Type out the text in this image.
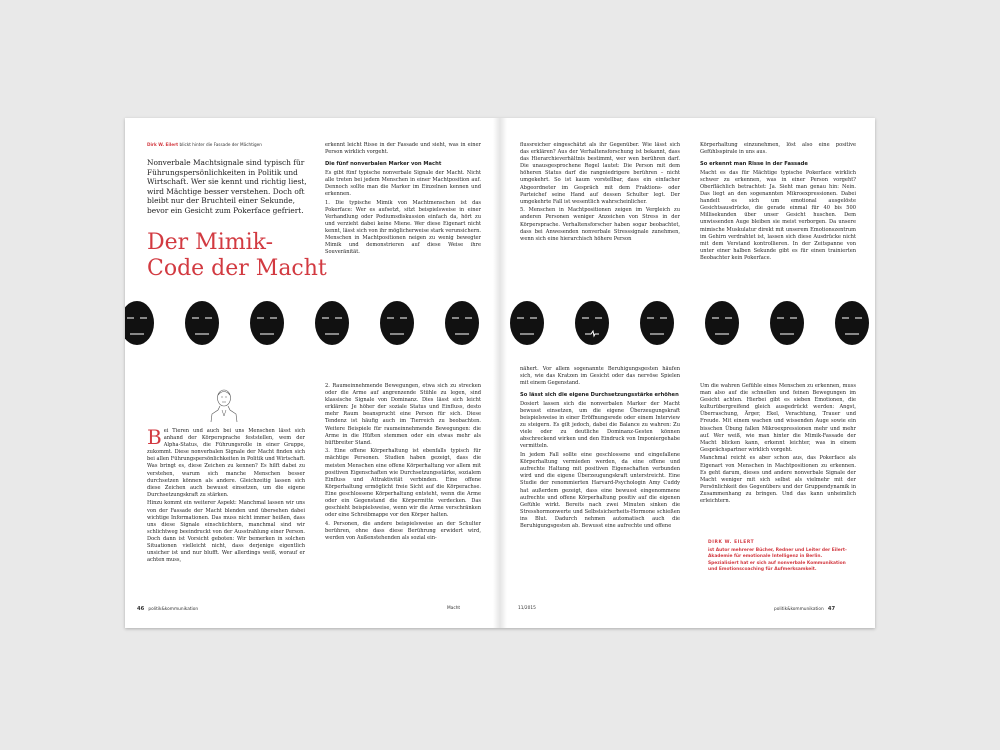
Dirk W. Eilert blickt hinter die Fassade der Mächtigen
Nonverbale Machtsignale sind typisch für Führungspersönlichkeiten in Politik und Wirtschaft. Wer sie kennt und richtig liest, wird Mächtige besser verstehen. Doch oft bleibt nur der Bruchteil einer Sekunde, bevor ein Gesicht zum Pokerface gefriert.
Der Mimik-Code der Macht

erkennt leicht Risse in der Fassade und sieht, was in einer Person wirklich vorgeht.

Die fünf nonverbalen Marker von Macht

Es gibt fünf typische nonverbale Signale der Macht. Nicht alle treten bei jedem Menschen in einer Machtposition auf. Dennoch sollte man die Marker im Einzelnen kennen und erkennen.

1. Die typische Mimik von Machtmenschen ist das Pokerface: Wer es aufsetzt, sitzt beispielsweise in einer Verhandlung oder Podiumsdiskussion einfach da, hört zu und verzieht dabei keine Miene. Wer diese Eigenart nicht kennt, lässt sich von ihr möglicherweise stark verunsichern. Menschen in Machtpositionen neigen zu wenig bewegter Mimik und demonstrieren auf diese Weise ihre Souveränität.

Bei Tieren und auch bei uns Menschen lässt sich anhand der Körpersprache feststellen, wem der Alpha-Status, die Führungsrolle in einer Gruppe, zukommt. Diese nonverbalen Signale der Macht finden sich bei allen Führungspersönlichkeiten in Politik und Wirtschaft. Was bringt es, diese Zeichen zu kennen? Es hilft dabei zu verstehen, warum sich manche Menschen besser durchsetzen können als andere. Gleichzeitig lassen sich diese Zeichen auch bewusst einsetzen, um die eigene Durchsetzungskraft zu stärken.

Hinzu kommt ein weiterer Aspekt: Manchmal lassen wir uns von der Fassade der Macht blenden und übersehen dabei wichtige Informationen. Das muss nicht immer heißen, dass uns diese Signale einschüchtern, manchmal sind wir schlichtweg beeindruckt von der Ausstrahlung einer Person. Doch dann ist Vorsicht geboten: Wir bemerken in solchen Situationen vielleicht nicht, dass derjenige eigentlich unsicher ist und nur blufft. Wer allerdings weiß, worauf er achten muss,

2. Raumeinnehmende Bewegungen, etwa sich zu strecken oder die Arme auf angrenzende Stühle zu legen, sind klassische Signale von Dominanz. Dies lässt sich leicht erklären: Je höher der soziale Status und Einfluss, desto mehr Raum beansprucht eine Person für sich. Diese Tendenz ist häufig auch im Tierreich zu beobachten. Weitere Beispiele für raumeinnehmende Bewegungen: die Arme in die Hüften stemmen oder ein etwas mehr als hüftbreiter Stand.

3. Eine offene Körperhaltung ist ebenfalls typisch für mächtige Personen. Studien haben gezeigt, dass die meisten Menschen eine offene Körperhaltung vor allem mit positiven Eigenschaften wie Durchsetzungsstärke, sozialem Einfluss und Attraktivität verbinden. Eine offene Körperhaltung ermöglicht freie Sicht auf die Körperachse. Eine geschlossene Körperhaltung entsteht, wenn die Arme oder ein Gegenstand die Körpermitte verdecken. Das geschieht beispielsweise, wenn wir die Arme verschränken oder eine Schreibmappe vor den Körper halten.

4. Personen, die andere beispielsweise an der Schulter berühren, ohne dass diese Berührung erwidert wird, werden von Außenstehenden als sozial ein-

46 politik&kommunikation	Macht

flussreicher eingeschätzt als ihr Gegenüber. Wie lässt sich das erklären? Aus der Verhaltensforschung ist bekannt, dass das Hierarchieverhältnis bestimmt, wer wen berühren darf. Die unausgesprochene Regel lautet: Die Person mit dem höheren Status darf die rangniedrigere berühren – nicht umgekehrt. So ist kaum vorstellbar, dass ein einfacher Abgeordneter im Gespräch mit dem Fraktions- oder Parteichef seine Hand auf dessen Schulter legt. Der umgekehrte Fall ist wesentlich wahrscheinlicher.

5. Menschen in Machtpositionen zeigen im Vergleich zu anderen Personen weniger Anzeichen von Stress in der Körpersprache. Verhaltensforscher haben sogar beobachtet, dass bei Anwesenden nonverbale Stresssignale zunehmen, wenn sich eine hierarchisch höhere Person

Körperhaltung einzunehmen, löst also eine positive Gefühlsspirale in uns aus.

So erkennt man Risse in der Fassade

Macht es das für Mächtige typische Pokerface wirklich schwer zu erkennen, was in einer Person vorgeht? Oberflächlich betrachtet: Ja. Sieht man genau hin: Nein. Das liegt an den sogenannten Mikroexpressionen. Dabei handelt es sich um emotional ausgelöste Gesichtsausdrücke, die gerade einmal für 40 bis 500 Millisekunden über unser Gesicht huschen. Dem unwissenden Auge bleiben sie meist verborgen. Da unsere mimische Muskulatur direkt mit unserem Emotionszentrum im Gehirn verdrahtet ist, lassen sich diese Ausdrücke nicht mit dem Verstand kontrollieren. In der Zeitspanne von unter einer halben Sekunde gibt es für einen trainierten Beobachter kein Pokerface.

nähert. Vor allem sogenannte Beruhigungsgesten häufen sich, wie das Kratzen im Gesicht oder das nervöse Spielen mit einem Gegenstand.

So lässt sich die eigene Durchsetzungsstärke erhöhen

Dosiert lassen sich die nonverbalen Marker der Macht bewusst einsetzen, um die eigene Überzeugungskraft beispielsweise in einer Eröffnungsrede oder einem Interview zu steigern. Es gilt jedoch, dabei die Balance zu wahren: Zu viele oder zu deutliche Dominanz-Gesten können abschreckend wirken und den Eindruck von Imponiergehabe vermitteln.

In jedem Fall sollte eine geschlossene und eingefallene Körperhaltung vermieden werden, da eine offene und aufrechte Haltung mit positiven Eigenschaften verbunden wird und die eigene Überzeugungskraft unterstreicht. Eine Studie der renommierten Harvard-Psychologin Amy Cuddy hat außerdem gezeigt, dass eine bewusst eingenommene aufrechte und offene Körperhaltung positiv auf die eigenen Gefühle wirkt. Bereits nach zwei Minuten sinken die Stresshormonwerte und Selbstsicherheits-Hormone schießen ins Blut. Dadurch nehmen automatisch auch die Beruhigungsgesten ab. Bewusst eine aufrechte und offene

Um die wahren Gefühle eines Menschen zu erkennen, muss man also auf die schnellen und feinen Bewegungen im Gesicht achten. Hierbei gibt es sieben Emotionen, die kulturübergreifend gleich ausgedrückt werden: Angst, Überraschung, Ärger, Ekel, Verachtung, Trauer und Freude. Mit einem wachen und wissenden Auge sowie ein bisschen Übung fallen Mikroexpressionen mehr und mehr auf. Wer weiß, wie man hinter die Mimik-Fassade der Macht blicken kann, erkennt leichter, was in einem Gesprächspartner wirklich vorgeht.

Manchmal reicht es aber schon aus, das Pokerface als Eigenart von Menschen in Machtpositionen zu erkennen. Es geht darum, dieses und andere nonverbale Signale der Macht weniger mit sich selbst als vielmehr mit der Persönlichkeit des Gegenübers und der Gruppendynamik in Zusammenhang zu bringen. Und das kann unheimlich erleichtern.

DIRK W. EILERT
ist Autor mehrerer Bücher, Redner und Leiter der Eilert-Akademie für emotionale Intelligenz in Berlin. Spezialisiert hat er sich auf nonverbale Kommunikation und Emotionscoaching für Aufmerksamkeit.
11/2015	politik&kommunikation 47
